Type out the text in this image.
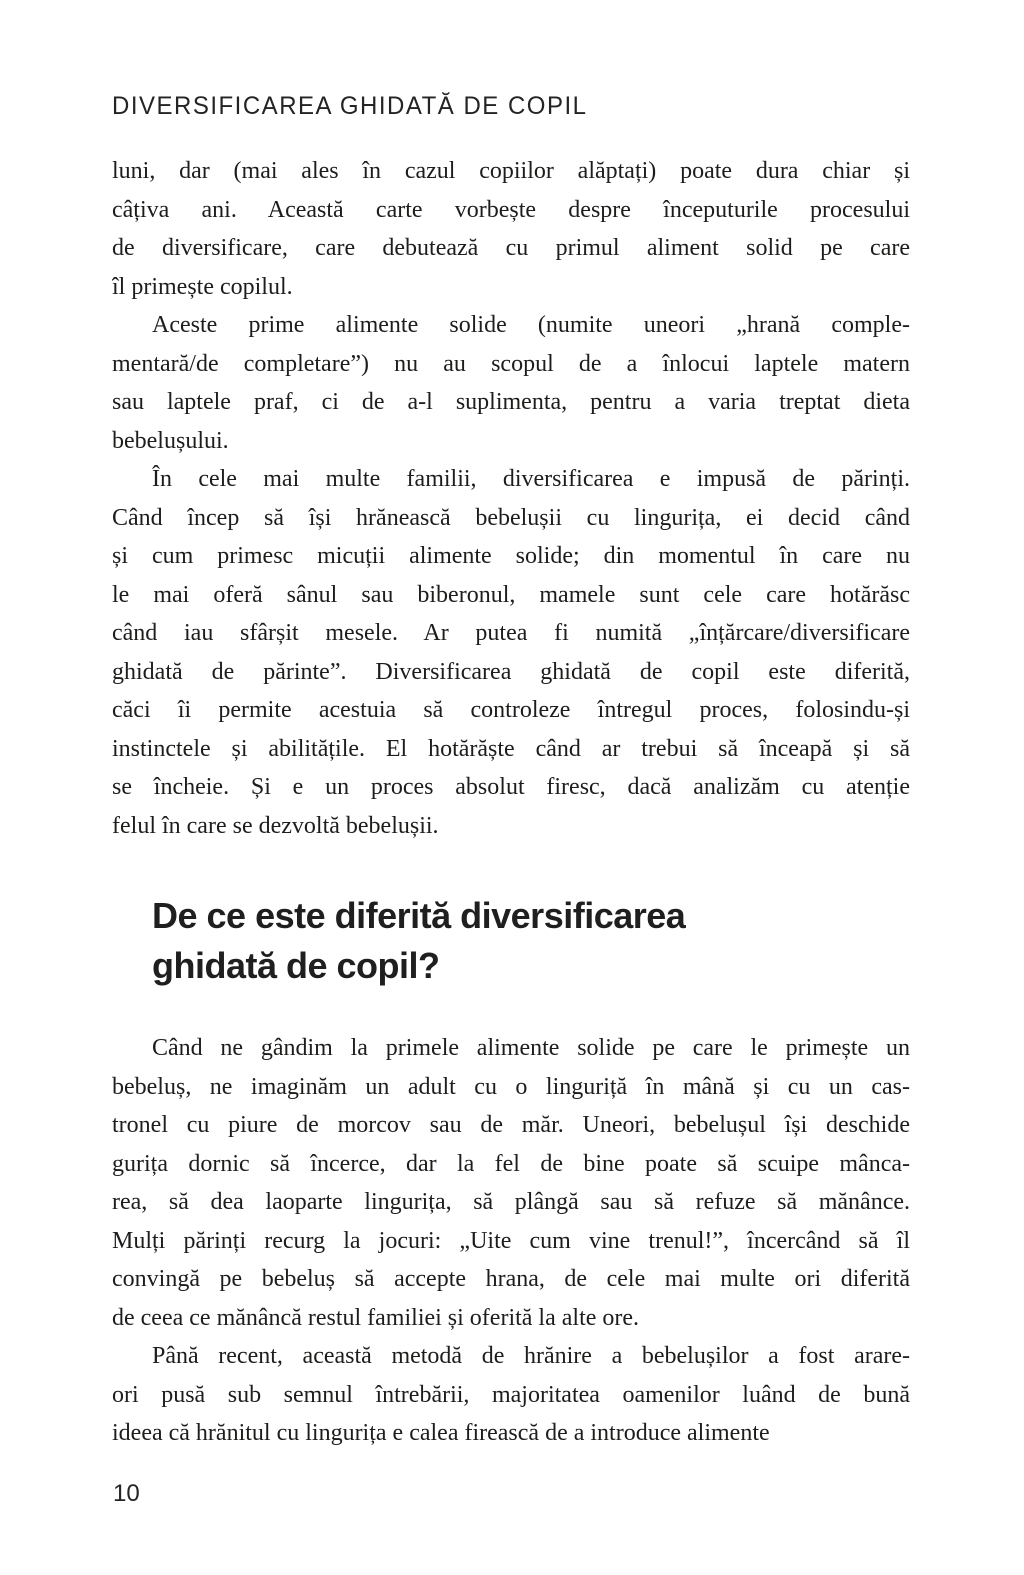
DIVERSIFICAREA GHIDATĂ DE COPIL

luni, dar (mai ales în cazul copiilor alăptați) poate dura chiar și
câțiva ani. Această carte vorbește despre începuturile procesului
de diversificare, care debutează cu primul aliment solid pe care
îl primește copilul.

Aceste prime alimente solide (numite uneori „hrană comple-
mentară/de completare”) nu au scopul de a înlocui laptele matern
sau laptele praf, ci de a-l suplimenta, pentru a varia treptat dieta
bebelușului.

În cele mai multe familii, diversificarea e impusă de părinți.
Când încep să își hrănească bebelușii cu lingurița, ei decid când
și cum primesc micuții alimente solide; din momentul în care nu
le mai oferă sânul sau biberonul, mamele sunt cele care hotărăsc
când iau sfârșit mesele. Ar putea fi numită „înțărcare/diversificare
ghidată de părinte”. Diversificarea ghidată de copil este diferită,
căci îi permite acestuia să controleze întregul proces, folosindu-și
instinctele și abilitățile. El hotărăște când ar trebui să înceapă și să
se încheie. Și e un proces absolut firesc, dacă analizăm cu atenție
felul în care se dezvoltă bebelușii.

De ce este diferită diversificarea
ghidată de copil?

Când ne gândim la primele alimente solide pe care le primește un
bebeluș, ne imaginăm un adult cu o linguriță în mână și cu un cas-
tronel cu piure de morcov sau de măr. Uneori, bebelușul își deschide
gurița dornic să încerce, dar la fel de bine poate să scuipe mânca-
rea, să dea laoparte lingurița, să plângă sau să refuze să mănânce.
Mulți părinți recurg la jocuri: „Uite cum vine trenul!”, încercând să îl
convingă pe bebeluș să accepte hrana, de cele mai multe ori diferită
de ceea ce mănâncă restul familiei și oferită la alte ore.

Până recent, această metodă de hrănire a bebelușilor a fost arare-
ori pusă sub semnul întrebării, majoritatea oamenilor luând de bună
ideea că hrănitul cu lingurița e calea firească de a introduce alimente

10
